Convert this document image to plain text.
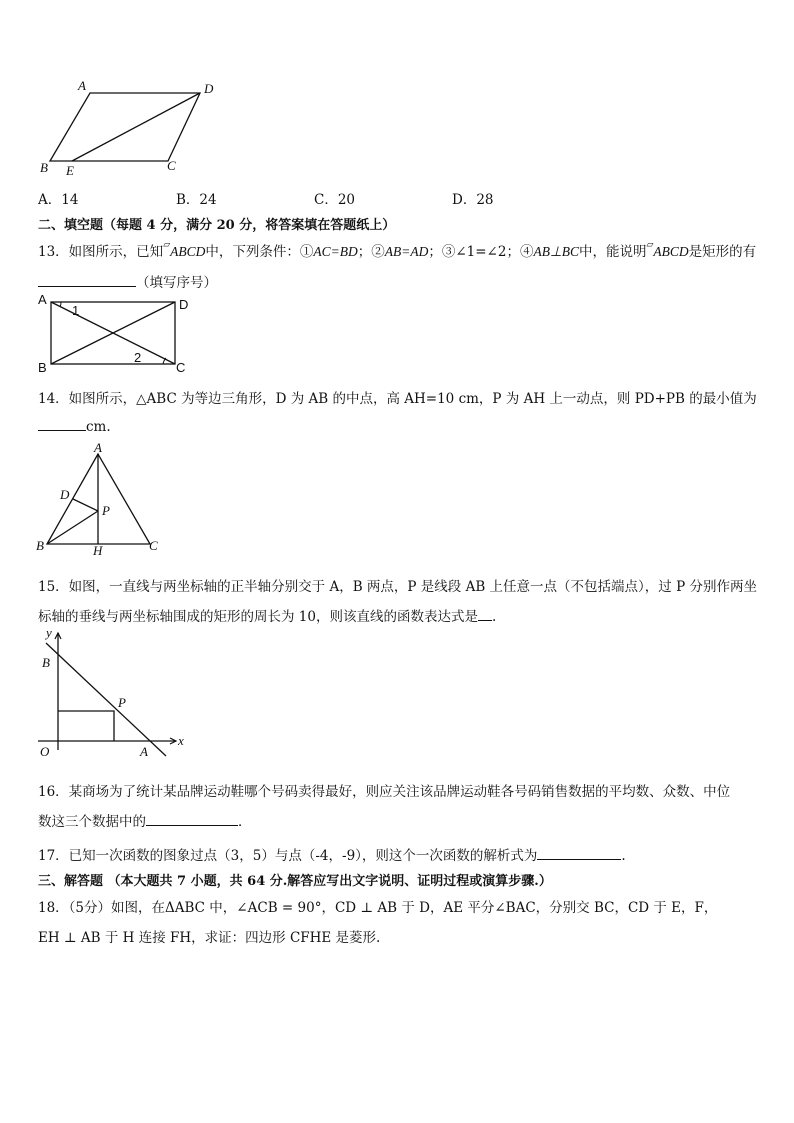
A	D
B E	C
A．14	B．24	C．20	D．28
二、填空题（每题 4 分，满分 20 分，将答案填在答题纸上）
13．如图所示，已知▱ABCD中，下列条件：①AC=BD；②AB=AD；③∠1=∠2；④AB⊥BC中，能说明▱ABCD是矩形的有
（填写序号）
A	D
B	C
1
2
14．如图所示，△ABC 为等边三角形，D 为 AB 的中点，高 AH=10 cm，P 为 AH 上一动点，则 PD+PB 的最小值为
cm.
A
D
P
B	H	C
15．如图，一直线与两坐标轴的正半轴分别交于 A，B 两点，P 是线段 AB 上任意一点（不包括端点），过 P 分别作两坐
标轴的垂线与两坐标轴围成的矩形的周长为 10，则该直线的函数表达式是 .
y
B
P
O	A
x
16．某商场为了统计某品牌运动鞋哪个号码卖得最好，则应关注该品牌运动鞋各号码销售数据的平均数、众数、中位
数这三个数据中的	．
17．已知一次函数的图象过点（3，5）与点（-4，-9），则这个一次函数的解析式为	.
三、解答题 （本大题共 7 小题，共 64 分.解答应写出文字说明、证明过程或演算步骤.）
18．（5分）如图，在ΔABC 中，∠ACB = 90°，CD ⊥ AB 于 D，AE 平分∠BAC，分别交 BC，CD 于 E，F，
EH ⊥ AB 于 H 连接 FH，求证：四边形 CFHE 是菱形.
